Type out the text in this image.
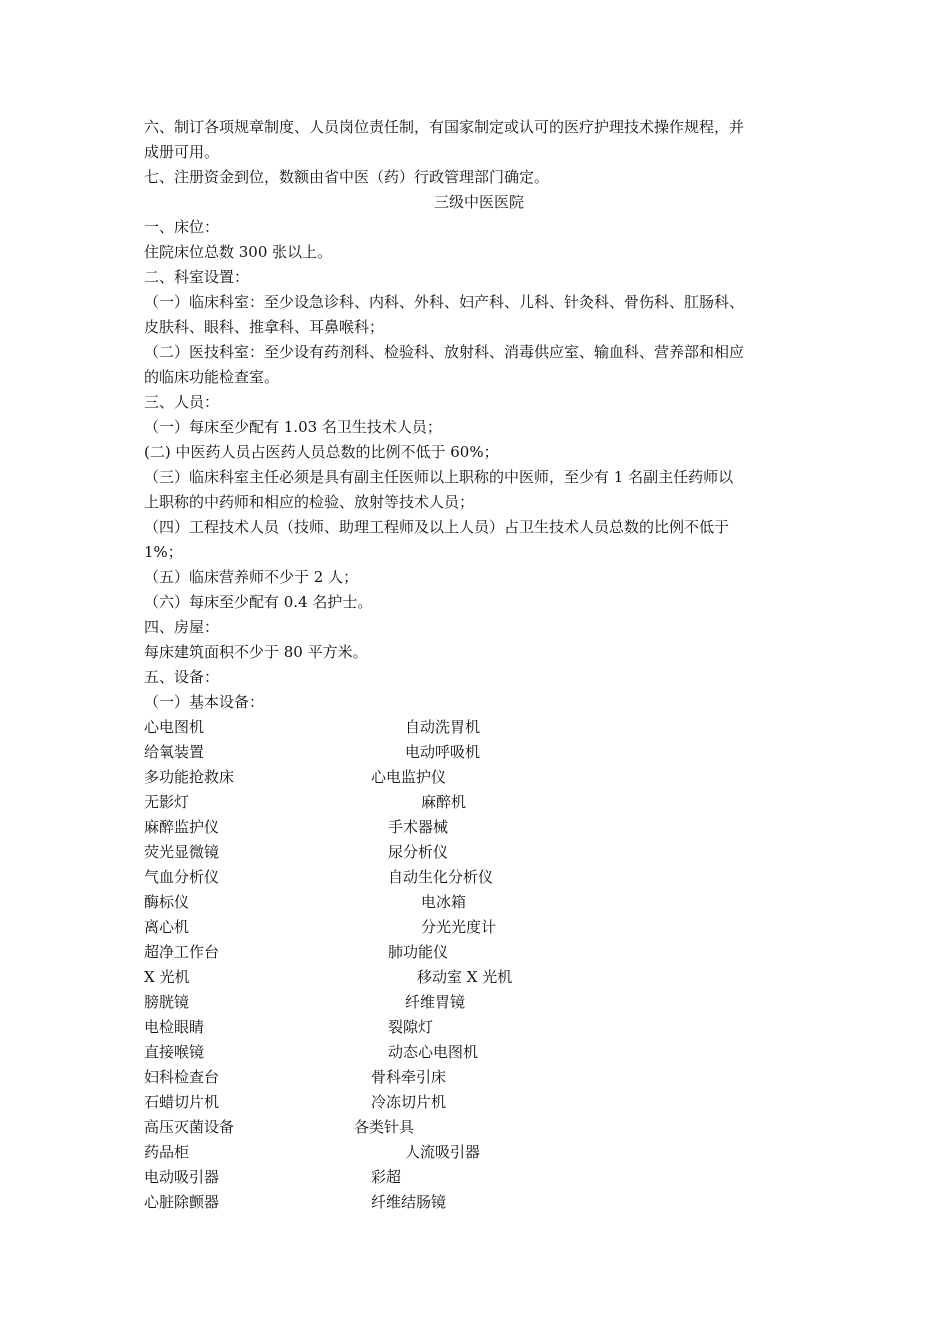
六、制订各项规章制度、人员岗位责任制，有国家制定或认可的医疗护理技术操作规程，并
成册可用。
七、注册资金到位，数额由省中医（药）行政管理部门确定。
三级中医医院
一、床位：
住院床位总数 300 张以上。
二、科室设置：
（一）临床科室：至少设急诊科、内科、外科、妇产科、儿科、针灸科、骨伤科、肛肠科、
皮肤科、眼科、推拿科、耳鼻喉科；
（二）医技科室：至少设有药剂科、检验科、放射科、消毒供应室、输血科、营养部和相应
的临床功能检查室。
三、人员：
（一）每床至少配有 1.03 名卫生技术人员；
(二) 中医药人员占医药人员总数的比例不低于 60%；
（三）临床科室主任必须是具有副主任医师以上职称的中医师，至少有 1 名副主任药师以
上职称的中药师和相应的检验、放射等技术人员；
（四）工程技术人员（技师、助理工程师及以上人员）占卫生技术人员总数的比例不低于
1%；
（五）临床营养师不少于 2 人；
（六）每床至少配有 0.4 名护士。
四、房屋：
每床建筑面积不少于 80 平方米。
五、设备：
（一）基本设备：
心电图机	自动洗胃机
给氧装置	电动呼吸机
多功能抢救床	心电监护仪
无影灯	麻醉机
麻醉监护仪	手术器械
荧光显微镜	尿分析仪
气血分析仪	自动生化分析仪
酶标仪	电冰箱
离心机	分光光度计
超净工作台	肺功能仪
X 光机	移动室 X 光机
膀胱镜	纤维胃镜
电检眼睛	裂隙灯
直接喉镜	动态心电图机
妇科检查台	骨科牵引床
石蜡切片机	冷冻切片机
高压灭菌设备	各类针具
药品柜	人流吸引器
电动吸引器	彩超
心脏除颤器	纤维结肠镜
